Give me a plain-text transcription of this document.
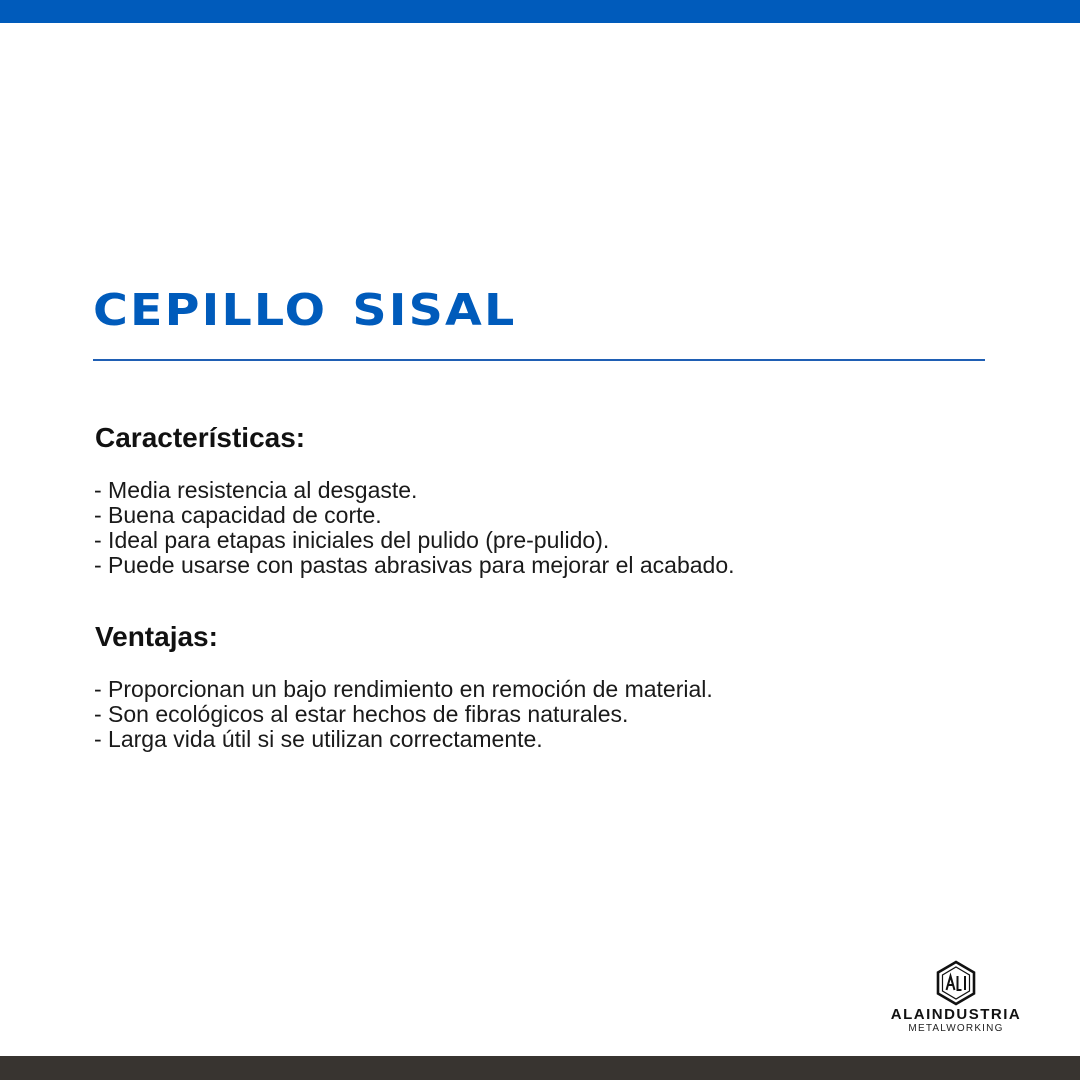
CEPILLO SISAL
Características:
- Media resistencia al desgaste.
- Buena capacidad de corte.
- Ideal para etapas iniciales del pulido (pre-pulido).
- Puede usarse con pastas abrasivas para mejorar el acabado.
Ventajas:
- Proporcionan un bajo rendimiento en remoción de material.
- Son ecológicos al estar hechos de fibras naturales.
- Larga vida útil si se utilizan correctamente.
ALAINDUSTRIA
METALWORKING
